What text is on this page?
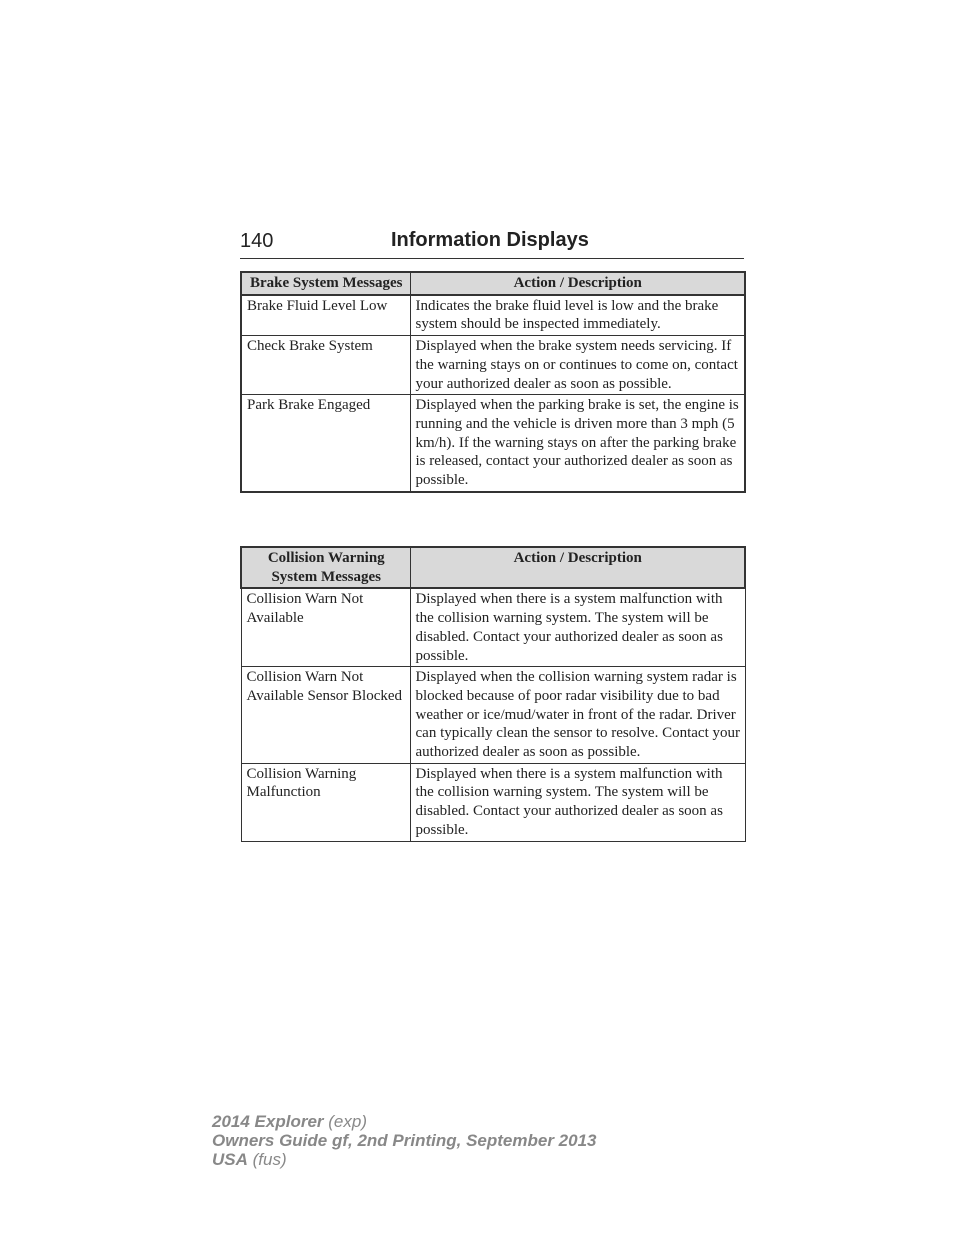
140	Information Displays
Brake System Messages	Action / Description
Brake Fluid Level Low	Indicates the brake fluid level is low and the brake system should be inspected immediately.
Check Brake System	Displayed when the brake system needs servicing. If the warning stays on or continues to come on, contact your authorized dealer as soon as possible.
Park Brake Engaged	Displayed when the parking brake is set, the engine is running and the vehicle is driven more than 3 mph (5 km/h). If the warning stays on after the parking brake is released, contact your authorized dealer as soon as possible.
Collision Warning System Messages	Action / Description
Collision Warn Not Available	Displayed when there is a system malfunction with the collision warning system. The system will be disabled. Contact your authorized dealer as soon as possible.
Collision Warn Not Available Sensor Blocked	Displayed when the collision warning system radar is blocked because of poor radar visibility due to bad weather or ice/mud/water in front of the radar. Driver can typically clean the sensor to resolve. Contact your authorized dealer as soon as possible.
Collision Warning Malfunction	Displayed when there is a system malfunction with the collision warning system. The system will be disabled. Contact your authorized dealer as soon as possible.
2014 Explorer (exp)
Owners Guide gf, 2nd Printing, September 2013
USA (fus)
